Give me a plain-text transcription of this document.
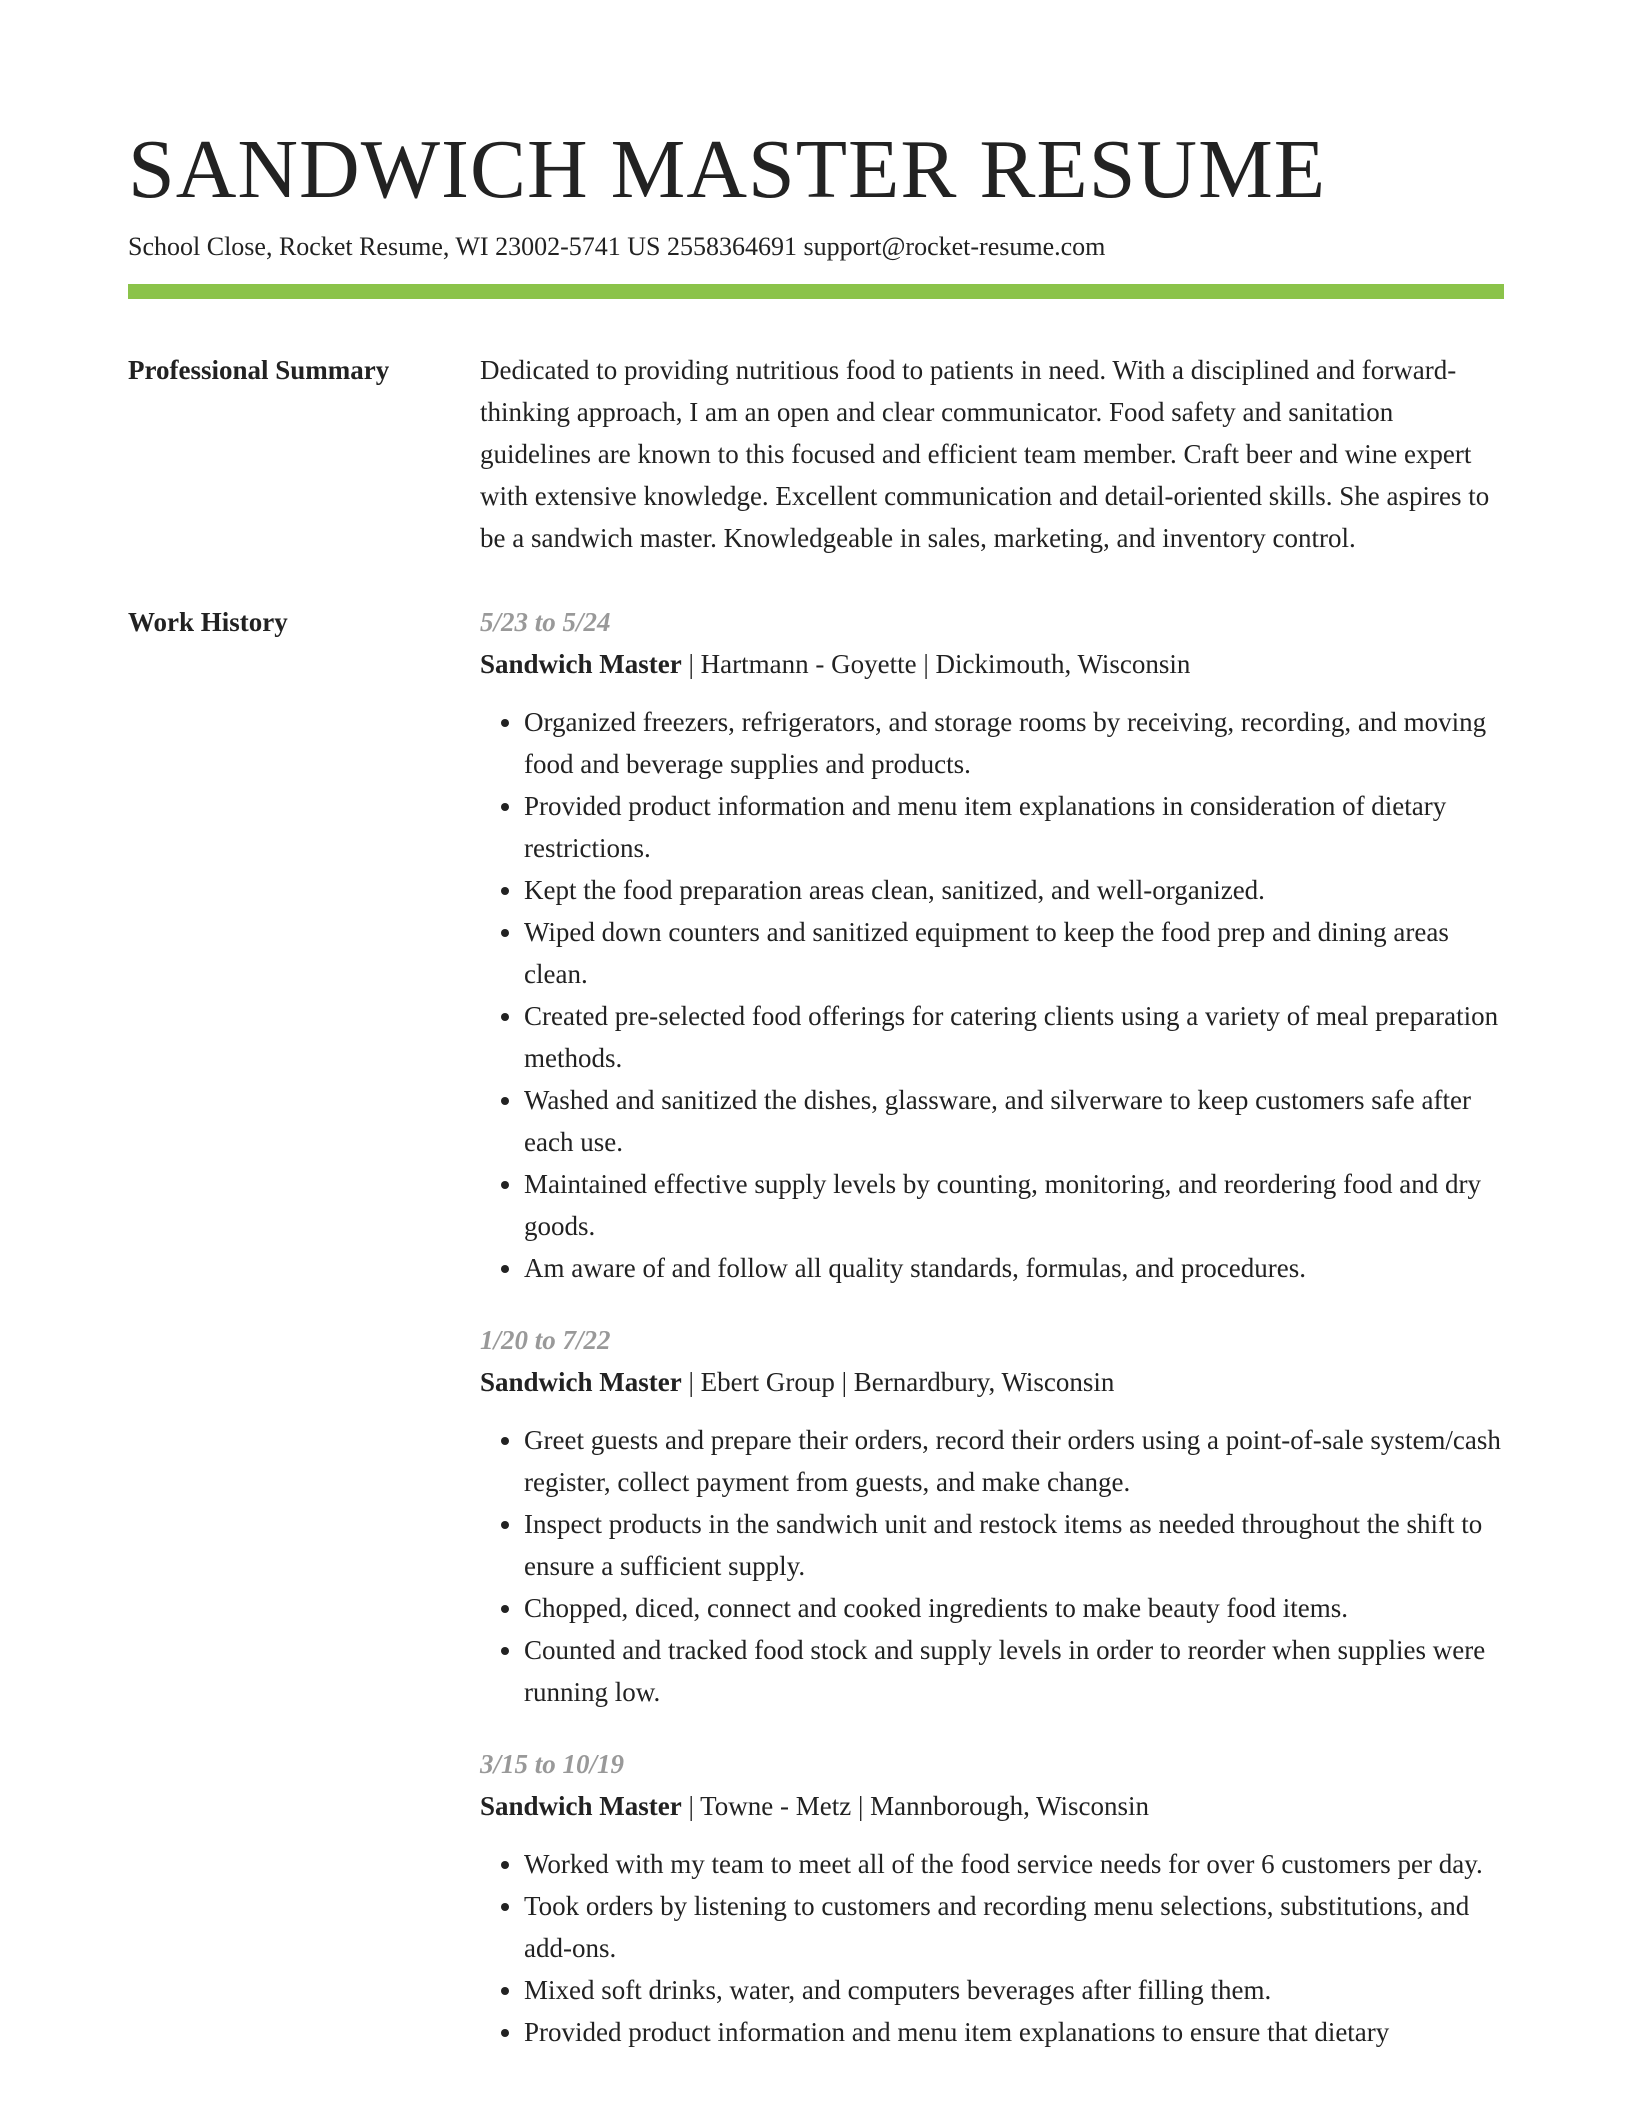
SANDWICH MASTER RESUME
School Close, Rocket Resume, WI 23002-5741 US 2558364691 support@rocket-resume.com
Professional Summary	Dedicated to providing nutritious food to patients in need. With a disciplined and forward-thinking approach, I am an open and clear communicator. Food safety and sanitation guidelines are known to this focused and efficient team member. Craft beer and wine expert with extensive knowledge. Excellent communication and detail-oriented skills. She aspires to be a sandwich master. Knowledgeable in sales, marketing, and inventory control.

Work History	5/23 to 5/24
Sandwich Master | Hartmann - Goyette | Dickimouth, Wisconsin
• Organized freezers, refrigerators, and storage rooms by receiving, recording, and moving food and beverage supplies and products.
• Provided product information and menu item explanations in consideration of dietary restrictions.
• Kept the food preparation areas clean, sanitized, and well-organized.
• Wiped down counters and sanitized equipment to keep the food prep and dining areas clean.
• Created pre-selected food offerings for catering clients using a variety of meal preparation methods.
• Washed and sanitized the dishes, glassware, and silverware to keep customers safe after each use.
• Maintained effective supply levels by counting, monitoring, and reordering food and dry goods.
• Am aware of and follow all quality standards, formulas, and procedures.
1/20 to 7/22
Sandwich Master | Ebert Group | Bernardbury, Wisconsin
• Greet guests and prepare their orders, record their orders using a point-of-sale system/cash register, collect payment from guests, and make change.
• Inspect products in the sandwich unit and restock items as needed throughout the shift to ensure a sufficient supply.
• Chopped, diced, connect and cooked ingredients to make beauty food items.
• Counted and tracked food stock and supply levels in order to reorder when supplies were running low.
3/15 to 10/19
Sandwich Master | Towne - Metz | Mannborough, Wisconsin
• Worked with my team to meet all of the food service needs for over 6 customers per day.
• Took orders by listening to customers and recording menu selections, substitutions, and add-ons.
• Mixed soft drinks, water, and computers beverages after filling them.
• Provided product information and menu item explanations to ensure that dietary
